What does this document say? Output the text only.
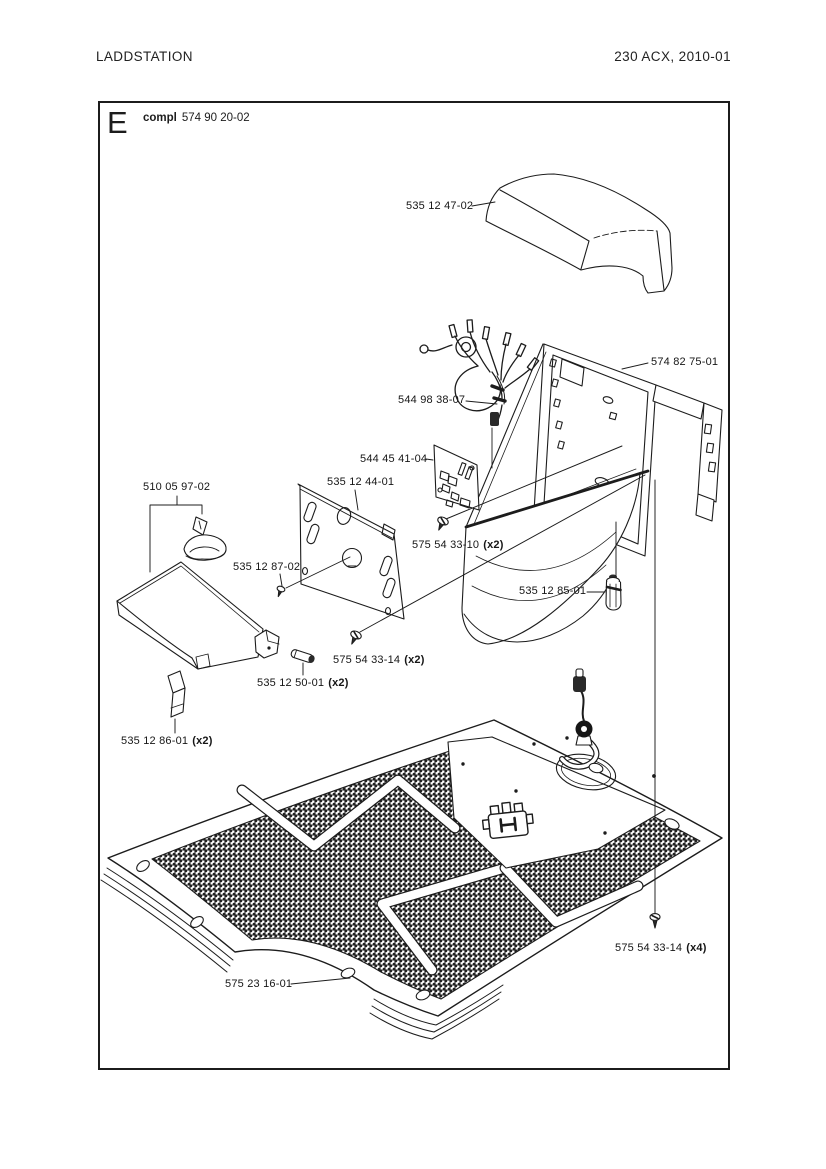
LADDSTATION	230 ACX, 2010-01
E compl 574 90 20-02
535 12 47-02
574 82 75-01
544 98 38-07
544 45 41-04
535 12 44-01
510 05 97-02
575 54 33-10 (x2)
535 12 87-02
535 12 85-01
575 54 33-14 (x2)
535 12 50-01 (x2)
535 12 86-01 (x2)
575 54 33-14 (x4)
575 23 16-01
